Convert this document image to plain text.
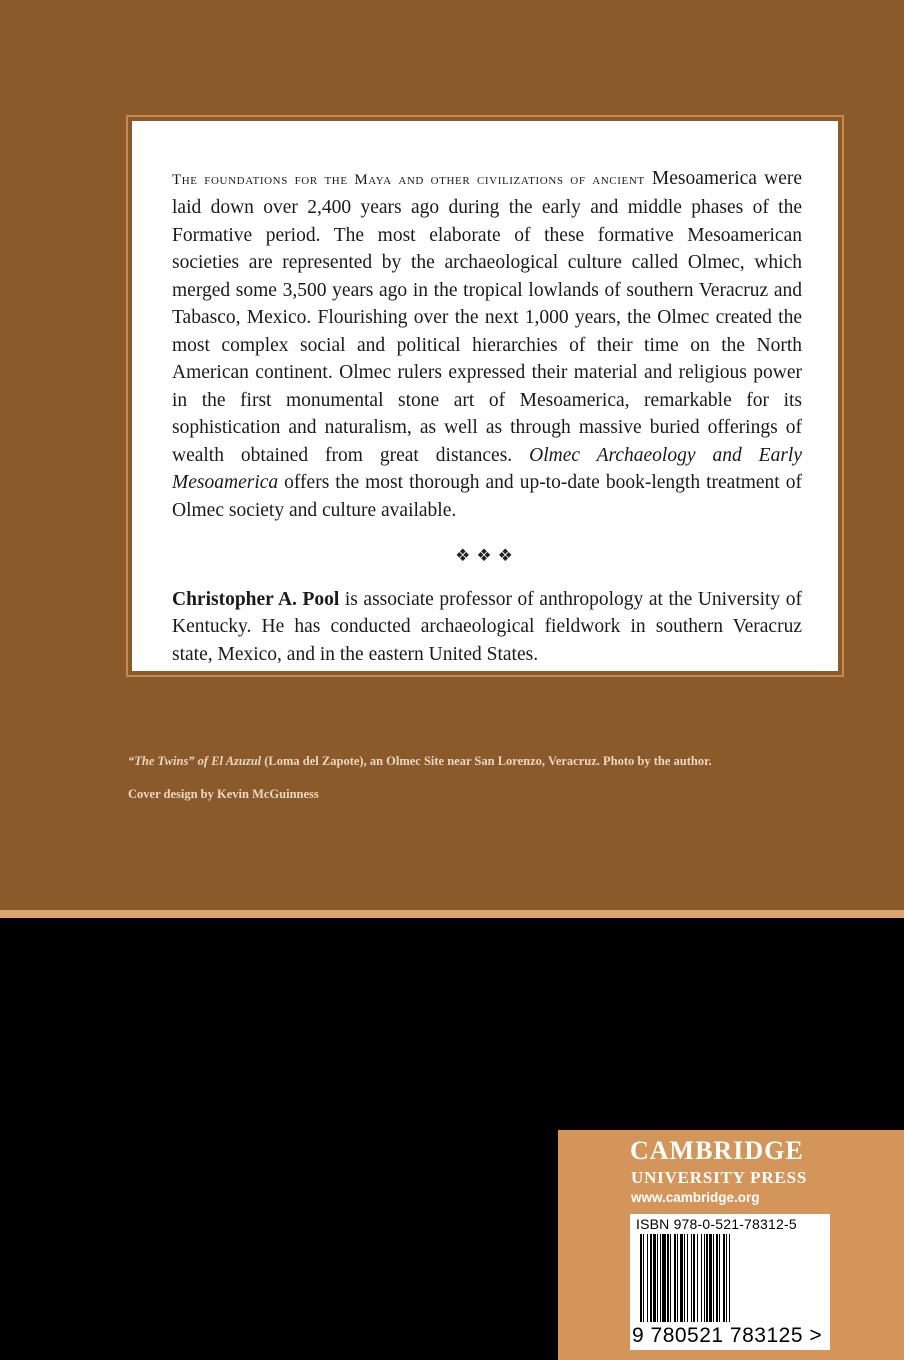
The foundations for the Maya and other civilizations of ancient Mesoamerica were laid down over 2,400 years ago during the early and middle phases of the Formative period. The most elaborate of these formative Mesoamerican societies are represented by the archaeological culture called Olmec, which merged some 3,500 years ago in the tropical lowlands of southern Veracruz and Tabasco, Mexico. Flourishing over the next 1,000 years, the Olmec created the most complex social and political hierarchies of their time on the North American continent. Olmec rulers expressed their material and religious power in the first monumental stone art of Mesoamerica, remarkable for its sophistication and naturalism, as well as through massive buried offerings of wealth obtained from great distances. Olmec Archaeology and Early Mesoamerica offers the most thorough and up-to-date book-length treatment of Olmec society and culture available.

❖❖❖

Christopher A. Pool is associate professor of anthropology at the University of Kentucky. He has conducted archaeological fieldwork in southern Veracruz state, Mexico, and in the eastern United States.

“The Twins” of El Azuzul (Loma del Zapote), an Olmec Site near San Lorenzo, Veracruz. Photo by the author.
Cover design by Kevin McGuinness
CAMBRIDGE
UNIVERSITY PRESS
www.cambridge.org
ISBN 978-0-521-78312-5
9 780521 783125 >
